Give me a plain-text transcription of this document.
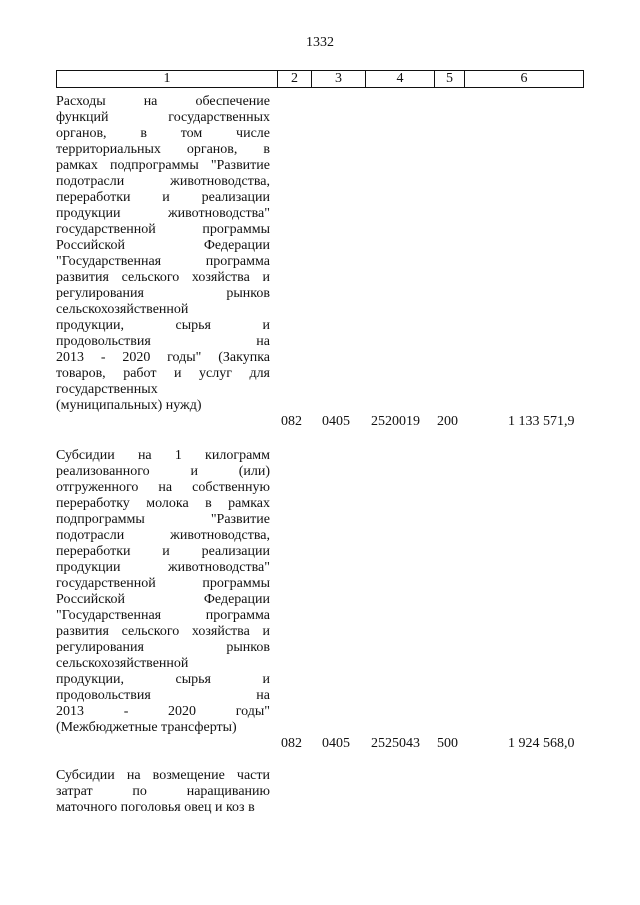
1332
1	2	3	4	5	6
Расходы на обеспечение
функций государственных
органов, в том числе
территориальных органов, в
рамках подпрограммы "Развитие
подотрасли животноводства,
переработки и реализации
продукции животноводства"
государственной программы
Российской Федерации
"Государственная программа
развития сельского хозяйства и
регулирования рынков
сельскохозяйственной
продукции, сырья и
продовольствия на
2013 - 2020 годы" (Закупка
товаров, работ и услуг для
государственных
(муниципальных) нужд)
082 0405 2520019 200	1 133 571,9
Субсидии на 1 килограмм
реализованного и (или)
отгруженного на собственную
переработку молока в рамках
подпрограммы "Развитие
подотрасли животноводства,
переработки и реализации
продукции животноводства"
государственной программы
Российской Федерации
"Государственная программа
развития сельского хозяйства и
регулирования рынков
сельскохозяйственной
продукции, сырья и
продовольствия на
2013 - 2020 годы"
(Межбюджетные трансферты)
082 0405 2525043 500	1 924 568,0
Субсидии на возмещение части
затрат по наращиванию
маточного поголовья овец и коз в
